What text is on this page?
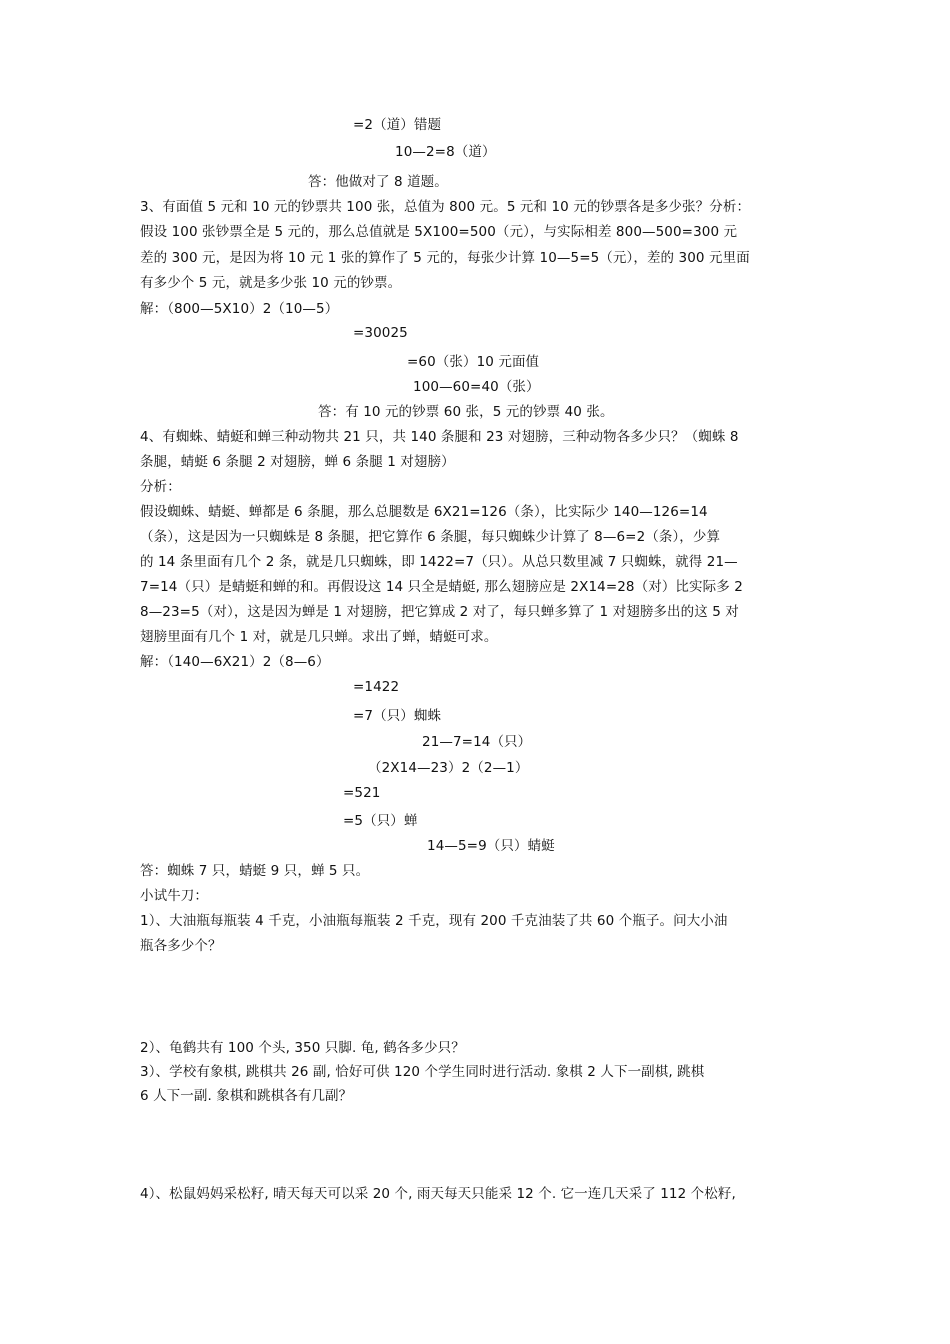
=2（道）错题
10—2=8（道）
答：他做对了 8 道题。
3、有面值 5 元和 10 元的钞票共 100 张，总值为 800 元。5 元和 10 元的钞票各是多少张？分析：
假设 100 张钞票全是 5 元的，那么总值就是 5X100=500（元），与实际相差 800—500=300 元
差的 300 元，是因为将 10 元 1 张的算作了 5 元的，每张少计算 10—5=5（元），差的 300 元里面
有多少个 5 元，就是多少张 10 元的钞票。
解：（800—5X10）2（10—5）
=30025
=60（张）10 元面值
100—60=40（张）
答：有 10 元的钞票 60 张，5 元的钞票 40 张。
4、有蜘蛛、蜻蜓和蝉三种动物共 21 只，共 140 条腿和 23 对翅膀，三种动物各多少只？（蜘蛛 8
条腿，蜻蜓 6 条腿 2 对翅膀，蝉 6 条腿 1 对翅膀）
分析：
假设蜘蛛、蜻蜓、蝉都是 6 条腿，那么总腿数是 6X21=126（条），比实际少 140—126=14
（条），这是因为一只蜘蛛是 8 条腿，把它算作 6 条腿，每只蜘蛛少计算了 8—6=2（条），少算
的 14 条里面有几个 2 条，就是几只蜘蛛，即 1422=7（只）。从总只数里减 7 只蜘蛛，就得 21—
7=14（只）是蜻蜓和蝉的和。再假设这 14 只全是蜻蜓, 那么翅膀应是 2X14=28（对）比实际多 2
8—23=5（对），这是因为蝉是 1 对翅膀，把它算成 2 对了，每只蝉多算了 1 对翅膀多出的这 5 对
翅膀里面有几个 1 对，就是几只蝉。求出了蝉，蜻蜓可求。
解：（140—6X21）2（8—6）
=1422
=7（只）蜘蛛
21—7=14（只）
（2X14—23）2（2—1）
=521
=5（只）蝉
14—5=9（只）蜻蜓
答：蜘蛛 7 只，蜻蜓 9 只，蝉 5 只。
小试牛刀：
1）、大油瓶每瓶装 4 千克，小油瓶每瓶装 2 千克，现有 200 千克油装了共 60 个瓶子。问大小油
瓶各多少个？
2）、龟鹤共有 100 个头, 350 只脚. 龟, 鹤各多少只？
3）、学校有象棋, 跳棋共 26 副, 恰好可供 120 个学生同时进行活动. 象棋 2 人下一副棋, 跳棋
6 人下一副. 象棋和跳棋各有几副？
4）、松鼠妈妈采松籽, 晴天每天可以采 20 个, 雨天每天只能采 12 个. 它一连几天采了 112 个松籽,
